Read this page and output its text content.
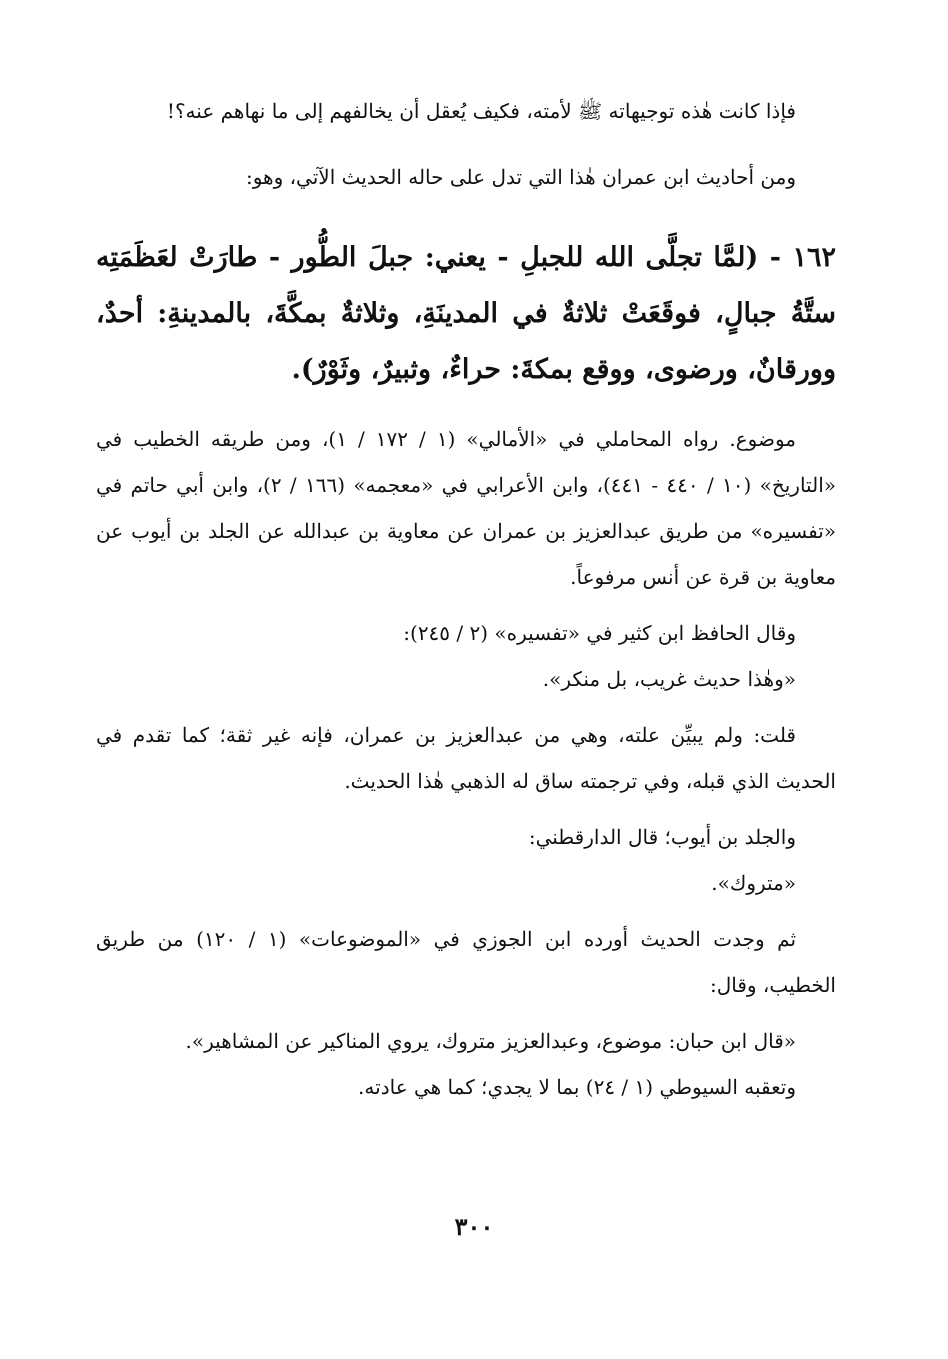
فإذا كانت هٰذه توجيهاته ﷺ لأمته، فكيف يُعقل أن يخالفهم إلى ما نهاهم عنه؟!

ومن أحاديث ابن عمران هٰذا التي تدل على حاله الحديث الآتي، وهو:

١٦٢ - (لمَّا تجلَّى الله للجبلِ - يعني: جبلَ الطُّور - طارَتْ لعَظَمَتِه ستَّةُ جبالٍ، فوقَعَتْ ثلاثةٌ في المدينَةِ، وثلاثةٌ بمكَّةَ، بالمدينةِ: أحدٌ، وورقانٌ، ورضوى، ووقع بمكةَ: حراءٌ، وثبيرٌ، وثَوْرٌ).

موضوع. رواه المحاملي في «الأمالي» (١ / ١٧٢ / ١)، ومن طريقه الخطيب في «التاريخ» (١٠ / ٤٤٠ - ٤٤١)، وابن الأعرابي في «معجمه» (١٦٦ / ٢)، وابن أبي حاتم في «تفسيره» من طريق عبدالعزيز بن عمران عن معاوية بن عبدالله عن الجلد بن أيوب عن معاوية بن قرة عن أنس مرفوعاً.

وقال الحافظ ابن كثير في «تفسيره» (٢ / ٢٤٥):

«وهٰذا حديث غريب، بل منكر».

قلت: ولم يبيِّن علته، وهي من عبدالعزيز بن عمران، فإنه غير ثقة؛ كما تقدم في الحديث الذي قبله، وفي ترجمته ساق له الذهبي هٰذا الحديث.

والجلد بن أيوب؛ قال الدارقطني:

«متروك».

ثم وجدت الحديث أورده ابن الجوزي في «الموضوعات» (١ / ١٢٠) من طريق الخطيب، وقال:

«قال ابن حبان: موضوع، وعبدالعزيز متروك، يروي المناكير عن المشاهير».

وتعقبه السيوطي (١ / ٢٤) بما لا يجدي؛ كما هي عادته.

٣٠٠
